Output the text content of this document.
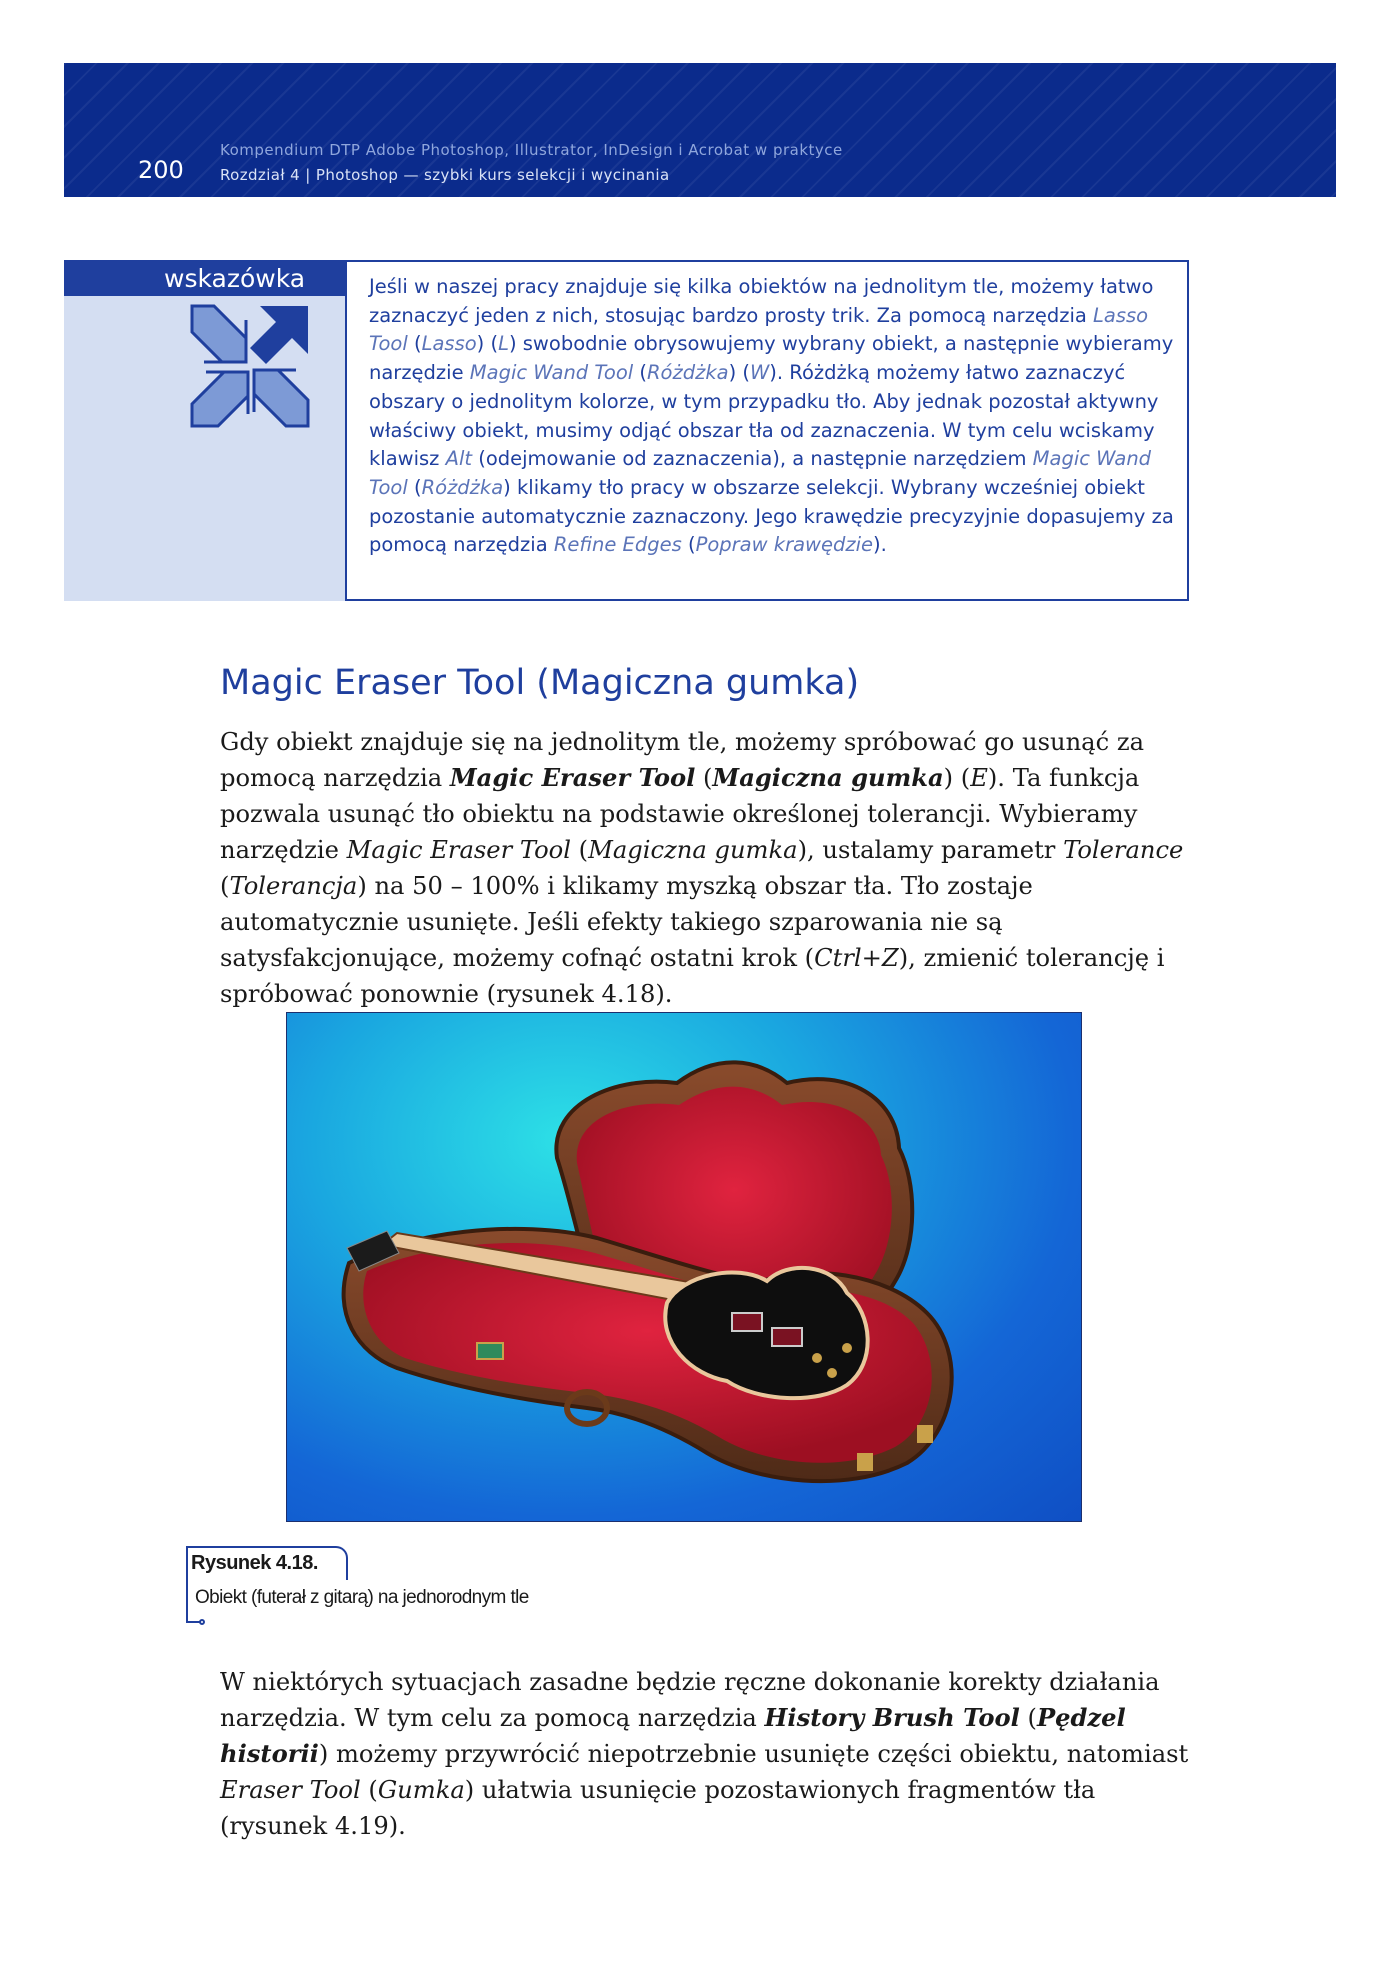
200
Kompendium DTP Adobe Photoshop, Illustrator, InDesign i Acrobat w praktyce
Rozdział 4 | Photoshop — szybki kurs selekcji i wycinania
wskazówka	Jeśli w naszej pracy znajduje się kilka obiektów na jednolitym tle, możemy łatwo zaznaczyć jeden z nich, stosując bardzo prosty trik. Za pomocą narzędzia Lasso Tool (Lasso) (L) swobodnie obrysowujemy wybrany obiekt, a następnie wybieramy narzędzie Magic Wand Tool (Różdżka) (W). Różdżką możemy łatwo zaznaczyć obszary o jednolitym kolorze, w tym przypadku tło. Aby jednak pozostał aktywny właściwy obiekt, musimy odjąć obszar tła od zaznaczenia. W tym celu wciskamy klawisz Alt (odejmowanie od zaznaczenia), a następnie narzędziem Magic Wand Tool (Różdżka) klikamy tło pracy w obszarze selekcji. Wybrany wcześniej obiekt pozostanie automatycznie zaznaczony. Jego krawędzie precyzyjnie dopasujemy za pomocą narzędzia Refine Edges (Popraw krawędzie).
Magic Eraser Tool (Magiczna gumka)
Gdy obiekt znajduje się na jednolitym tle, możemy spróbować go usunąć za pomocą narzędzia Magic Eraser Tool (Magiczna gumka) (E). Ta funkcja pozwala usunąć tło obiektu na podstawie określonej tolerancji. Wybieramy narzędzie Magic Eraser Tool (Magiczna gumka), ustalamy parametr Tolerance (Tolerancja) na 50 – 100% i klikamy myszką obszar tła. Tło zostaje automatycznie usunięte. Jeśli efekty takiego szparowania nie są satysfakcjonujące, możemy cofnąć ostatni krok (Ctrl+Z), zmienić tolerancję i spróbować ponownie (rysunek 4.18).
Rysunek 4.18.
Obiekt (futerał z gitarą) na jednorodnym tle
W niektórych sytuacjach zasadne będzie ręczne dokonanie korekty działania narzędzia. W tym celu za pomocą narzędzia History Brush Tool (Pędzel historii) możemy przywrócić niepotrzebnie usunięte części obiektu, natomiast Eraser Tool (Gumka) ułatwia usunięcie pozostawionych fragmentów tła (rysunek 4.19).
